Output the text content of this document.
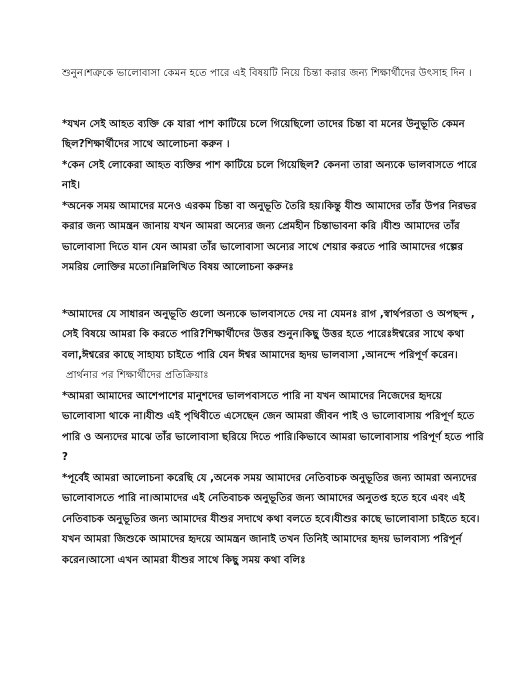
শুনুন।শত্রুকে ভালোবাসা কেমন হতে পারে এই বিষয়টি নিয়ে চিন্তা করার জন্য শিক্ষার্থীদের উৎসাহ দিন ।

*যখন সেই আহত ব্যক্তি কে যারা পাশ কাটিয়ে চলে গিয়েছিলো তাদের চিন্তা বা মনের উনুভূতি কেমন ছিল?শিক্ষার্থীদের সাথে আলোচনা করুন ।

*কেন সেই লোকেরা আহত ব্যক্তির পাশ কাটিয়ে চলে গিয়েছিল? কেননা তারা অন্যকে ভালবাসতে পারে নাই।

*অনেক সময় আমাদের মনেও এরকম চিন্তা বা অনুভূতি তৈরি হয়।কিন্তু যীশু আমাদের তাঁর উপর নিরভর করার জন্য আমন্ত্রন জানায় যখন আমরা অন্যের জন্য প্রেমহীন চিন্তাভাবনা করি ।যীশু আমাদের তাঁর ভালোবাসা দিতে যান যেন আমরা তাঁর ভালোবাসা অন্যের সাথে শেয়ার করতে পারি আমাদের গল্পের সমরিয় লোক্তির মতো।নিম্নলিখিত বিষয় আলোচনা করুনঃ

*আমাদের যে সাধারন অনুভূতি গুলো অন্যকে ভালবাসতে দেয় না যেমনঃ রাগ ,স্বার্থপরতা ও অপছন্দ , সেই বিষয়ে আমরা কি করতে পারি?শিক্ষার্থীদের উত্তর শুনুন।কিছু উত্তর হতে পারেঃঈশ্বরের সাথে কথা বলা,ঈশ্বরের কাছে সাহায্য চাইতে পারি যেন ঈশ্বর আমাদের হৃদয় ভালবাসা ,আনন্দে পরিপূর্ণ করেন।

প্রার্থনার পর শিক্ষার্থীদের প্রতিক্রিয়াঃ

*আমরা আমাদের আশেপাশের মানুশদের ভালপবাসতে পারি না যখন আমাদের নিজেদের হৃদয়ে ভালোবাসা থাকে না।যীশু এই পৃথিবীতে এসেছেন জেন আমরা জীবন পাই ও ভালোবাসায় পরিপূর্ণ হতে পারি ও অন্যদের মাঝে তাঁর ভালোবাসা ছরিয়ে দিতে পারি।কিভাবে আমরা ভালোবাসায় পরিপূর্ণ হতে পারি ?

*পূর্বেই আমরা আলোচনা করেছি যে ,অনেক সময় আমাদের নেতিবাচক অনুভূতির জন্য আমরা অন্যদের ভালোবাসতে পারি না।আমাদের এই নেতিবাচক অনুভূতির জন্য আমাদের অনুতপ্ত হতে হবে এবং এই নেতিবাচক অনুভূতির জন্য আমাদের যীশুর সদাথে কথা বলতে হবে।যীশুর কাছে ভালোবাসা চাইতে হবে।যখন আমরা জিশুকে আমাদের হৃদয়ে আমন্ত্রন জানাই তখন তিনিই আমাদের হৃদয় ভালবাস্য পরিপূর্ন করেন।আসো এখন আমরা যীশুর সাথে কিছু সময় কথা বলিঃ
